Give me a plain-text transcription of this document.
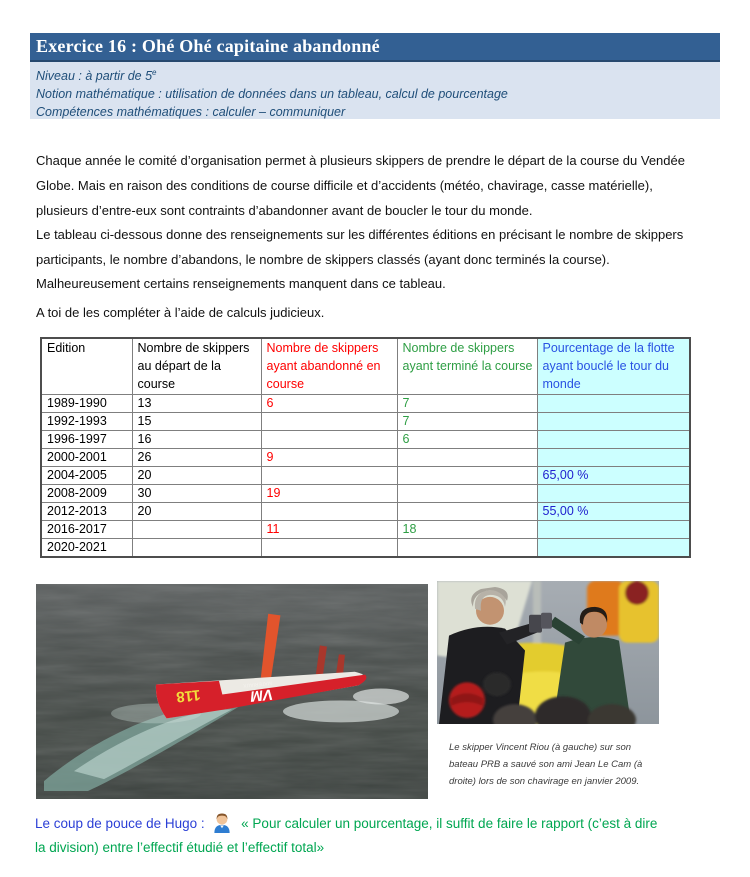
Exercice 16 : Ohé Ohé capitaine abandonné

Niveau : à partir de 5e

Notion mathématique : utilisation de données dans un tableau, calcul de pourcentage

Compétences mathématiques : calculer – communiquer

Chaque année le comité d’organisation permet à plusieurs skippers de prendre le départ de la course du Vendée Globe. Mais en raison des conditions de course difficile et d’accidents (météo, chavirage, casse matérielle), plusieurs d’entre-eux sont contraints d’abandonner avant de boucler le tour du monde.

Le tableau ci-dessous donne des renseignements sur les différentes éditions en précisant le nombre de skippers participants, le nombre d’abandons, le nombre de skippers classés (ayant donc terminés la course).

Malheureusement certains renseignements manquent dans ce tableau.

A toi de les compléter à l’aide de calculs judicieux.

Edition	Nombre de skippers au départ de la course	Nombre de skippers ayant abandonné en course	Nombre de skippers ayant terminé la course	Pourcentage de la flotte ayant bouclé le tour du monde
1989-1990	13	6	7	
1992-1993	15		7	
1996-1997	16		6	
2000-2001	26	9		
2004-2005	20			65,00 %
2008-2009	30	19		
2012-2013	20			55,00 %
2016-2017		11	18	
2020-2021				
118	VM
MATÉRIAUX

Le skipper Vincent Riou (à gauche) sur son bateau PRB a sauvé son ami Jean Le Cam (à droite) lors de son chavirage en janvier 2009.

Le coup de pouce de Hugo :	« Pour calculer un pourcentage, il suffit de faire le rapport (c’est à dire
la division) entre l’effectif étudié et l’effectif total»
